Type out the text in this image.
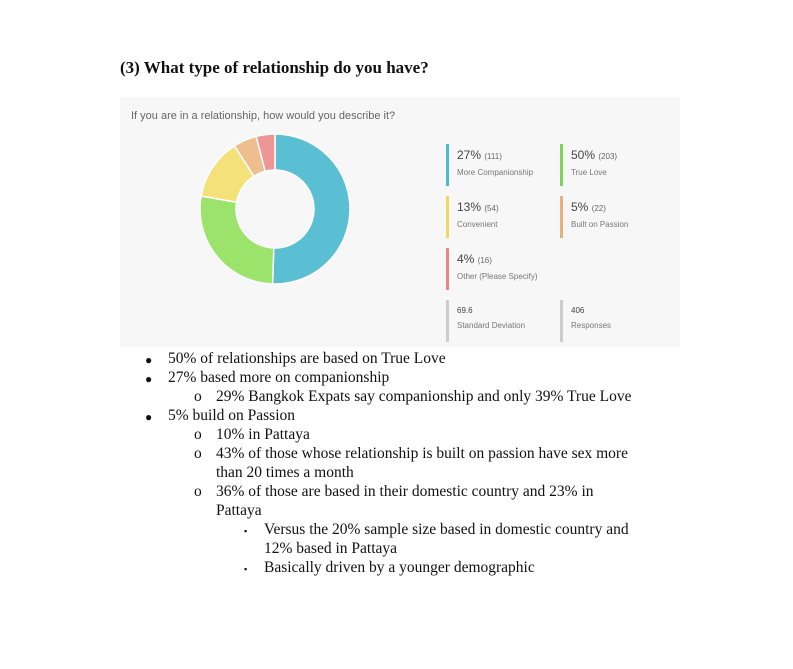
(3) What type of relationship do you have?
If you are in a relationship, how would you describe it?
27% (111)
More Companionship
50% (203)
True Love
13% (54)
Convenient
5% (22)
Built on Passion
4% (16)
Other (Please Specify)
69.6
Standard Deviation
406
Responses
● 50% of relationships are based on True Love
● 27% based more on companionship
o 29% Bangkok Expats say companionship and only 39% True Love
● 5% build on Passion
o 10% in Pattaya
o 43% of those whose relationship is built on passion have sex more
than 20 times a month
o 36% of those are based in their domestic country and 23% in
Pattaya
▪ Versus the 20% sample size based in domestic country and
12% based in Pattaya
▪ Basically driven by a younger demographic
